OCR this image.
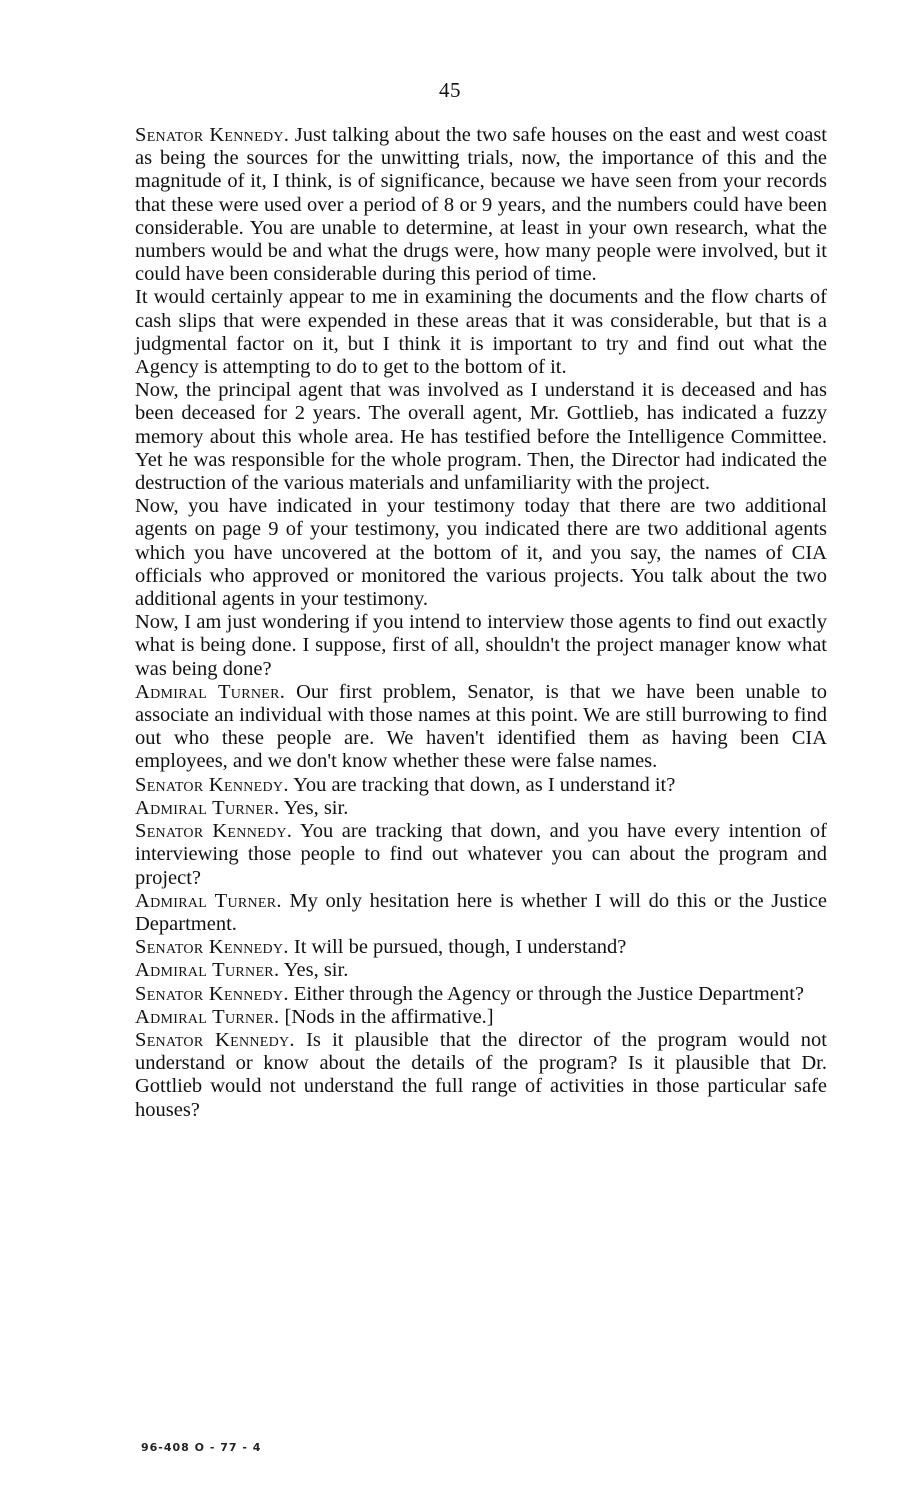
45

Senator Kennedy. Just talking about the two safe houses on the east and west coast as being the sources for the unwitting trials, now, the importance of this and the magnitude of it, I think, is of significance, because we have seen from your records that these were used over a period of 8 or 9 years, and the numbers could have been considerable. You are unable to determine, at least in your own research, what the numbers would be and what the drugs were, how many people were involved, but it could have been considerable during this period of time.

It would certainly appear to me in examining the documents and the flow charts of cash slips that were expended in these areas that it was considerable, but that is a judgmental factor on it, but I think it is important to try and find out what the Agency is attempting to do to get to the bottom of it.

Now, the principal agent that was involved as I understand it is deceased and has been deceased for 2 years. The overall agent, Mr. Gottlieb, has indicated a fuzzy memory about this whole area. He has testified before the Intelligence Committee. Yet he was responsible for the whole program. Then, the Director had indicated the destruction of the various materials and unfamiliarity with the project.

Now, you have indicated in your testimony today that there are two additional agents on page 9 of your testimony, you indicated there are two additional agents which you have uncovered at the bottom of it, and you say, the names of CIA officials who approved or monitored the various projects. You talk about the two additional agents in your testimony.

Now, I am just wondering if you intend to interview those agents to find out exactly what is being done. I suppose, first of all, shouldn't the project manager know what was being done?

Admiral Turner. Our first problem, Senator, is that we have been unable to associate an individual with those names at this point. We are still burrowing to find out who these people are. We haven't identified them as having been CIA employees, and we don't know whether these were false names.

Senator Kennedy. You are tracking that down, as I understand it?

Admiral Turner. Yes, sir.

Senator Kennedy. You are tracking that down, and you have every intention of interviewing those people to find out whatever you can about the program and project?

Admiral Turner. My only hesitation here is whether I will do this or the Justice Department.

Senator Kennedy. It will be pursued, though, I understand?

Admiral Turner. Yes, sir.

Senator Kennedy. Either through the Agency or through the Justice Department?

Admiral Turner. [Nods in the affirmative.]

Senator Kennedy. Is it plausible that the director of the program would not understand or know about the details of the program? Is it plausible that Dr. Gottlieb would not understand the full range of activities in those particular safe houses?

96-408 O - 77 - 4
